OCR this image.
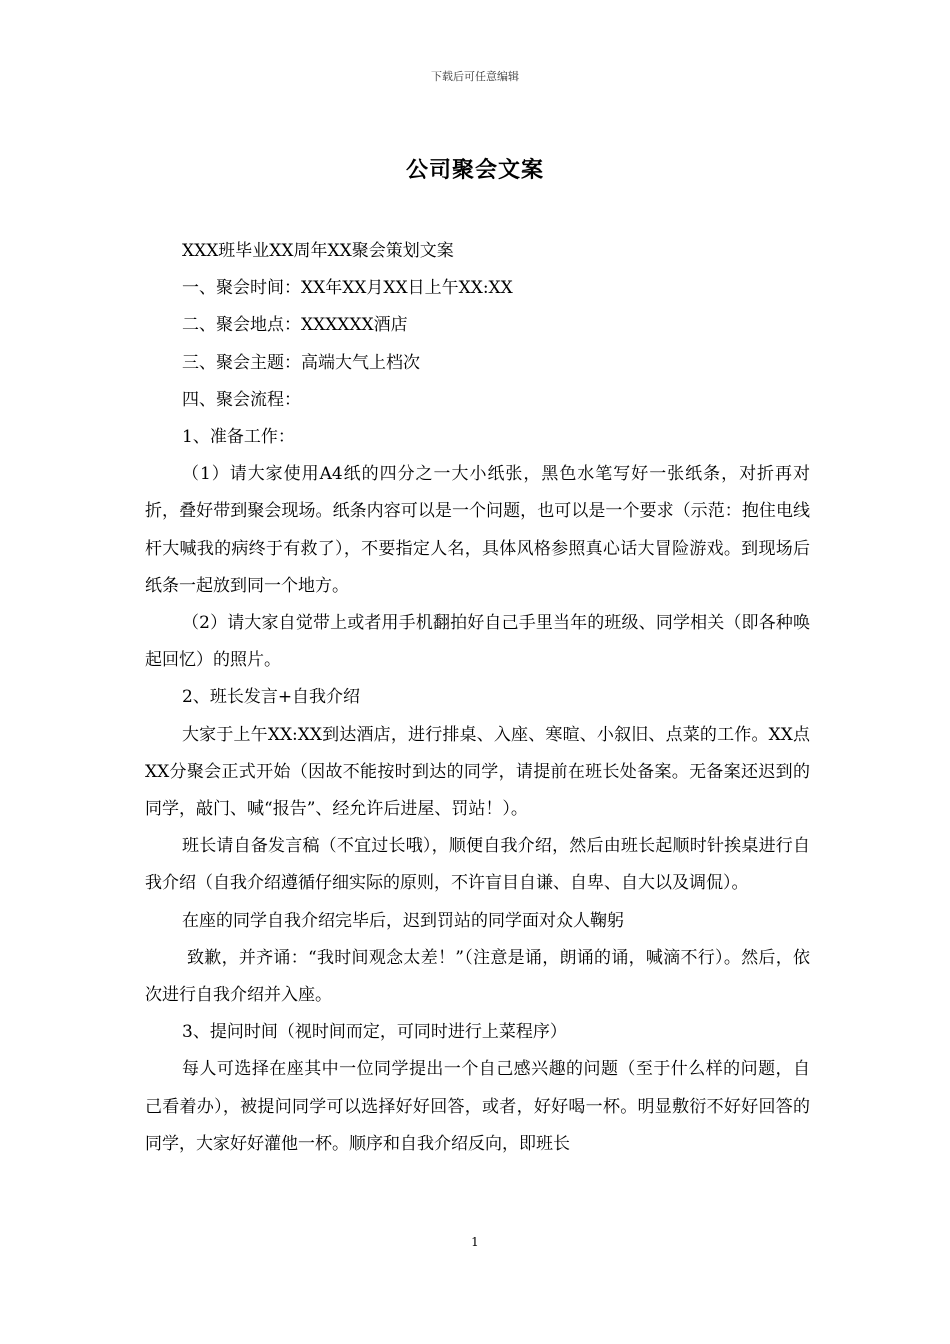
下载后可任意编辑
公司聚会文案

XXX班毕业XX周年XX聚会策划文案

一、聚会时间：XX年XX月XX日上午XX:XX

二、聚会地点：XXXXXX酒店

三、聚会主题：高端大气上档次

四、聚会流程：

1、准备工作：

（1）请大家使用A4纸的四分之一大小纸张，黑色水笔写好一张纸条，对折再对折，叠好带到聚会现场。纸条内容可以是一个问题，也可以是一个要求（示范：抱住电线杆大喊我的病终于有救了），不要指定人名，具体风格参照真心话大冒险游戏。到现场后纸条一起放到同一个地方。

（2）请大家自觉带上或者用手机翻拍好自己手里当年的班级、同学相关（即各种唤起回忆）的照片。

2、班长发言+自我介绍

大家于上午XX:XX到达酒店，进行排桌、入座、寒暄、小叙旧、点菜的工作。XX点XX分聚会正式开始（因故不能按时到达的同学，请提前在班长处备案。无备案还迟到的同学，敲门、喊“报告”、经允许后进屋、罚站！）。

班长请自备发言稿（不宜过长哦），顺便自我介绍，然后由班长起顺时针挨桌进行自我介绍（自我介绍遵循仔细实际的原则，不许盲目自谦、自卑、自大以及调侃）。

在座的同学自我介绍完毕后，迟到罚站的同学面对众人鞠躬

致歉，并齐诵：“我时间观念太差！”（注意是诵，朗诵的诵，喊滴不行）。然后，依次进行自我介绍并入座。

3、提问时间（视时间而定，可同时进行上菜程序）

每人可选择在座其中一位同学提出一个自己感兴趣的问题（至于什么样的问题，自己看着办），被提问同学可以选择好好回答，或者，好好喝一杯。明显敷衍不好好回答的同学，大家好好灌他一杯。顺序和自我介绍反向，即班长

1
